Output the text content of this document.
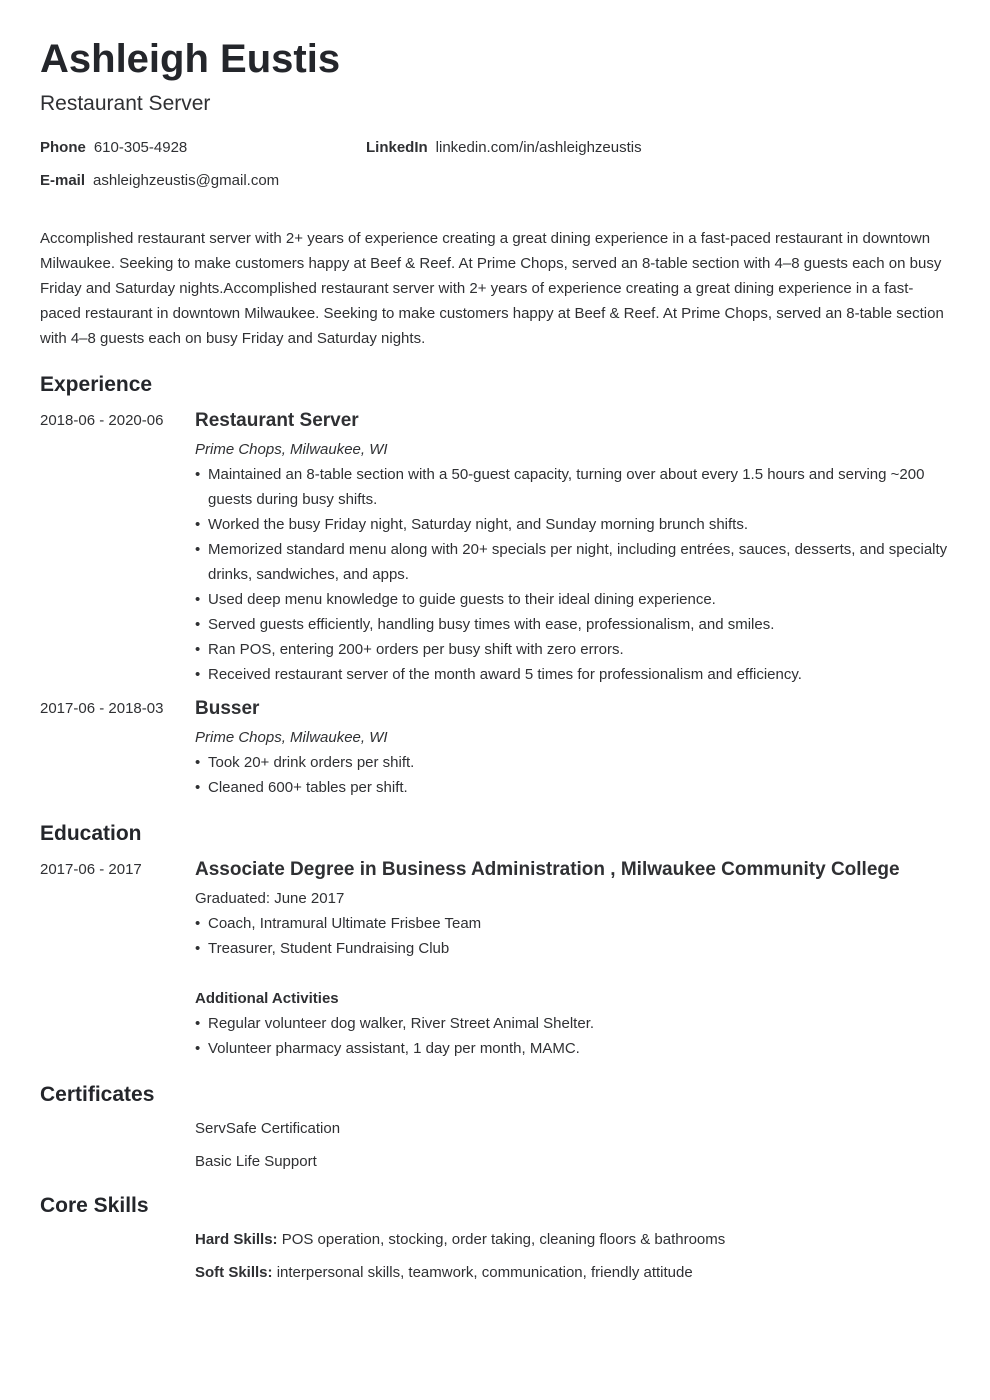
Ashleigh Eustis
Restaurant Server
Phone 610-305-4928	LinkedIn linkedin.com/in/ashleighzeustis
E-mail ashleighzeustis@gmail.com
Accomplished restaurant server with 2+ years of experience creating a great dining experience in a fast-paced restaurant in downtown Milwaukee. Seeking to make customers happy at Beef & Reef. At Prime Chops, served an 8-table section with 4–8 guests each on busy Friday and Saturday nights.Accomplished restaurant server with 2+ years of experience creating a great dining experience in a fast-paced restaurant in downtown Milwaukee. Seeking to make customers happy at Beef & Reef. At Prime Chops, served an 8-table section with 4–8 guests each on busy Friday and Saturday nights.
Experience
2018-06 - 2020-06	Restaurant Server
Prime Chops, Milwaukee, WI
• Maintained an 8-table section with a 50-guest capacity, turning over about every 1.5 hours and serving ~200 guests during busy shifts.
• Worked the busy Friday night, Saturday night, and Sunday morning brunch shifts.
• Memorized standard menu along with 20+ specials per night, including entrées, sauces, desserts, and specialty drinks, sandwiches, and apps.
• Used deep menu knowledge to guide guests to their ideal dining experience.
• Served guests efficiently, handling busy times with ease, professionalism, and smiles.
• Ran POS, entering 200+ orders per busy shift with zero errors.
• Received restaurant server of the month award 5 times for professionalism and efficiency.
2017-06 - 2018-03	Busser
Prime Chops, Milwaukee, WI
• Took 20+ drink orders per shift.
• Cleaned 600+ tables per shift.
Education
2017-06 - 2017	Associate Degree in Business Administration , Milwaukee Community College
Graduated: June 2017
• Coach, Intramural Ultimate Frisbee Team
• Treasurer, Student Fundraising Club
Additional Activities
• Regular volunteer dog walker, River Street Animal Shelter.
• Volunteer pharmacy assistant, 1 day per month, MAMC.
Certificates
ServSafe Certification
Basic Life Support
Core Skills
Hard Skills: POS operation, stocking, order taking, cleaning floors & bathrooms
Soft Skills: interpersonal skills, teamwork, communication, friendly attitude
